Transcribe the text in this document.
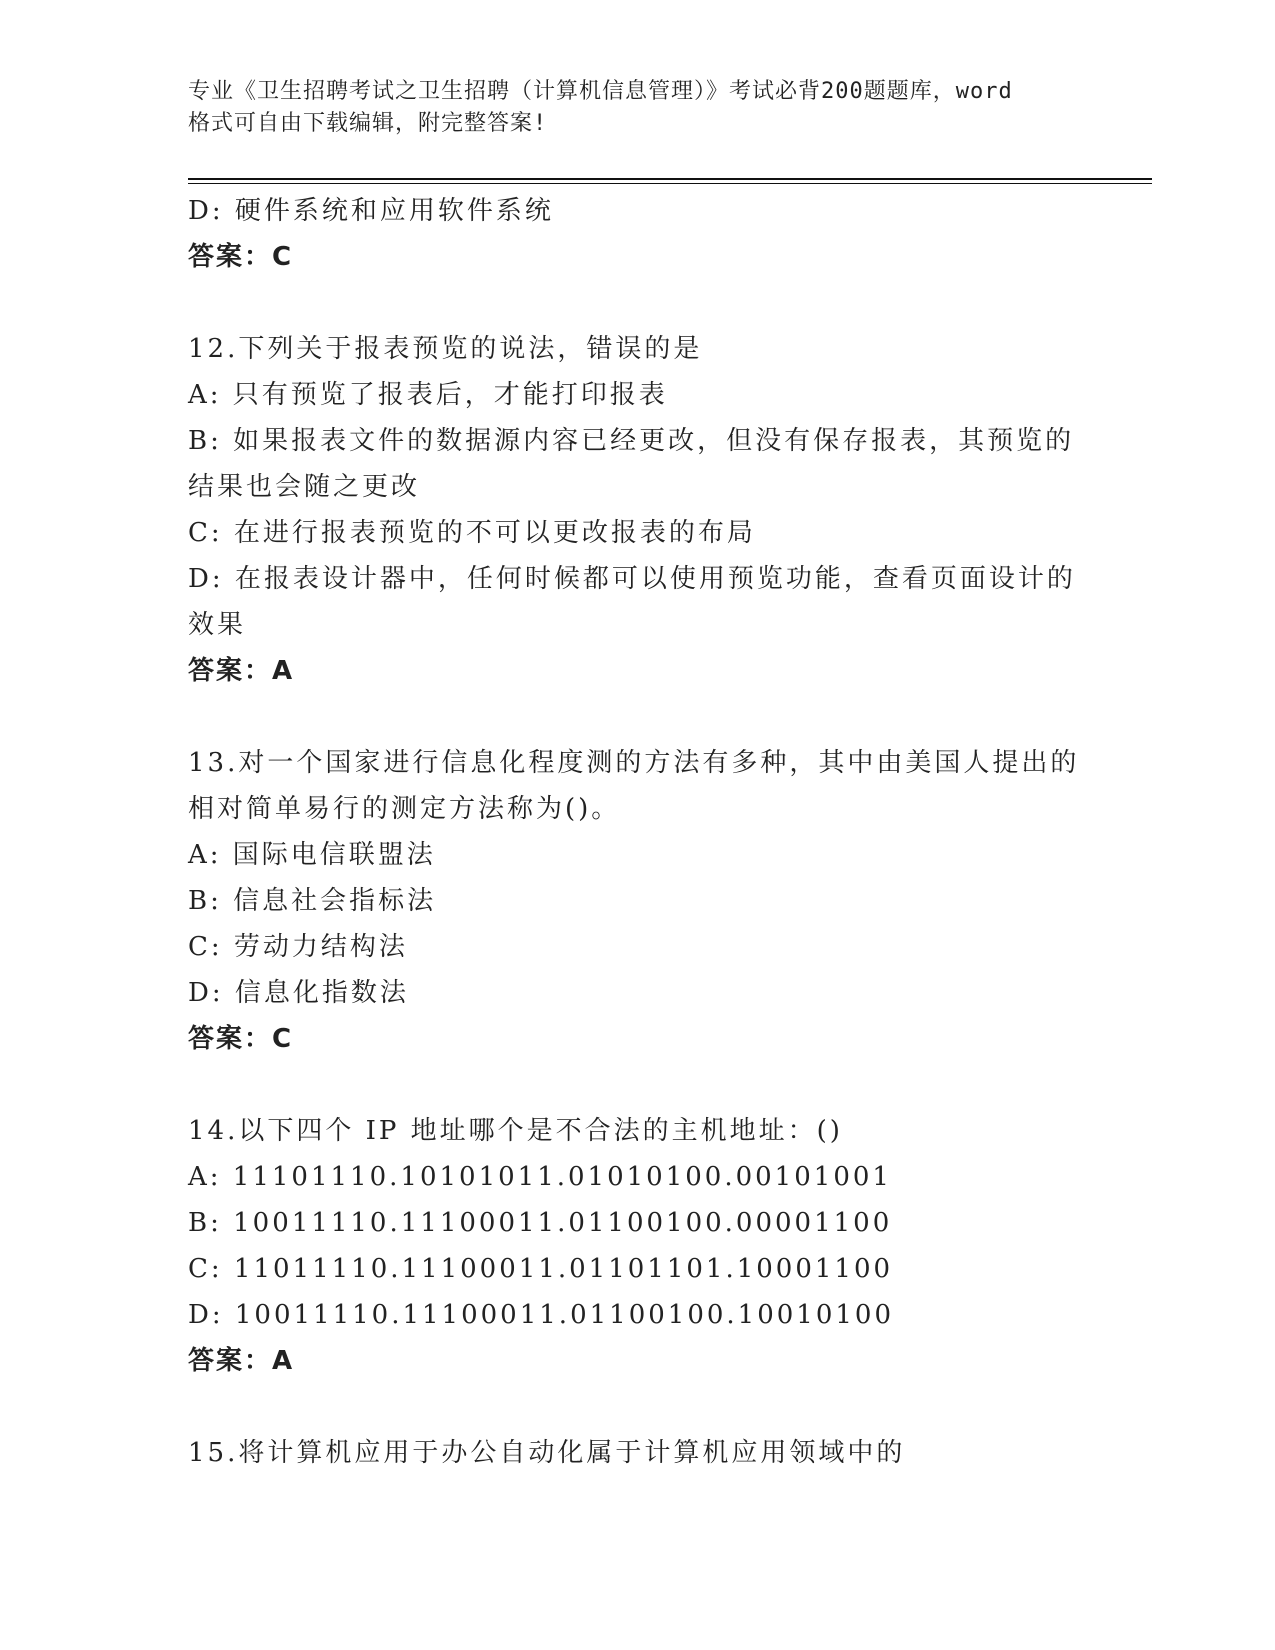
专业《卫生招聘考试之卫生招聘（计算机信息管理）》考试必背200题题库，word
格式可自由下载编辑，附完整答案!
D: 硬件系统和应用软件系统
答案：C
12.下列关于报表预览的说法，错误的是
A: 只有预览了报表后，才能打印报表
B: 如果报表文件的数据源内容已经更改，但没有保存报表，其预览的
结果也会随之更改
C: 在进行报表预览的不可以更改报表的布局
D: 在报表设计器中，任何时候都可以使用预览功能，查看页面设计的
效果
答案：A
13.对一个国家进行信息化程度测的方法有多种，其中由美国人提出的
相对简单易行的测定方法称为()。
A: 国际电信联盟法
B: 信息社会指标法
C: 劳动力结构法
D: 信息化指数法
答案：C
14.以下四个 IP 地址哪个是不合法的主机地址：()
A: 11101110.10101011.01010100.00101001
B: 10011110.11100011.01100100.00001100
C: 11011110.11100011.01101101.10001100
D: 10011110.11100011.01100100.10010100
答案：A
15.将计算机应用于办公自动化属于计算机应用领域中的
